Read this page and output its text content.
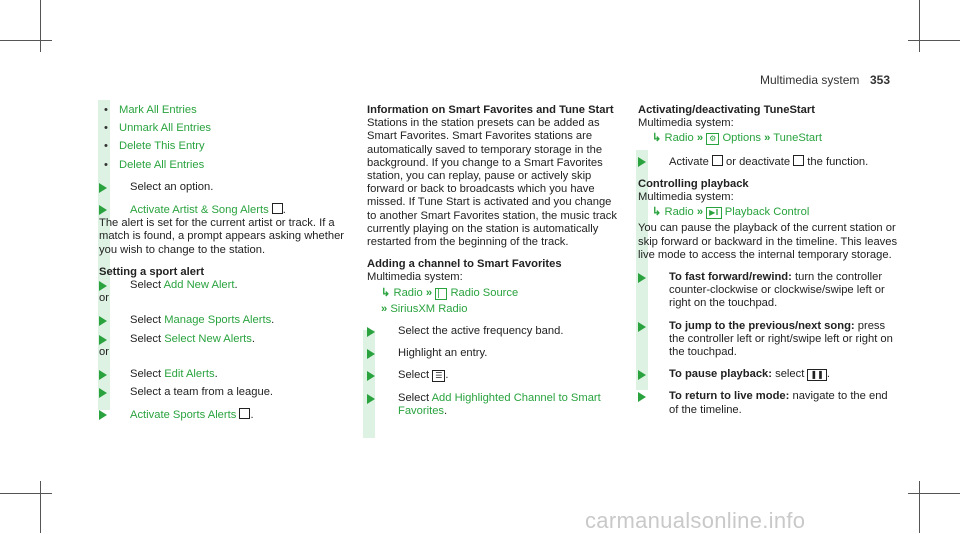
Multimedia system 353

• Mark All Entries

• Unmark All Entries

• Delete This Entry

• Delete All Entries

Select an option.

Activate Artist & Song Alerts .

The alert is set for the current artist or track. If a match is found, a prompt appears asking whether you wish to change to the station.

Setting a sport alert

Select Add New Alert.

or

Select Manage Sports Alerts.

Select Select New Alerts.

or

Select Edit Alerts.

Select a team from a league.

Activate Sports Alerts .

Information on Smart Favorites and Tune Start

Stations in the station presets can be added as Smart Favorites. Smart Favorites stations are automatically saved to temporary storage in the background. If you change to a Smart Favorites station, you can replay, pause or actively skip forward or back to broadcasts which you have missed. If Tune Start is activated and you change to another Smart Favorites station, the music track currently playing on the station is automatically restarted from the beginning of the track.

Adding a channel to Smart Favorites

Multimedia system:

↳ Radio » ▏ Radio Source

» SiriusXM Radio

Select the active frequency band.

Highlight an entry.

Select ☰ .

Select Add Highlighted Channel to Smart Favorites.

Activating/deactivating TuneStart

Multimedia system:

↳ Radio » ⚙ Options » TuneStart

Activate or deactivate the function.

Controlling playback

Multimedia system:

↳ Radio » ▶‖ Playback Control

You can pause the playback of the current station or skip forward or backward in the timeline. This leaves live mode to access the internal temporary storage.

To fast forward/rewind: turn the controller counter-clockwise or clockwise/swipe left or right on the touchpad.

To jump to the previous/next song: press the controller left or right/swipe left or right on the touchpad.

To pause playback: select ❚❚ .

To return to live mode: navigate to the end of the timeline.

carmanualsonline.info
